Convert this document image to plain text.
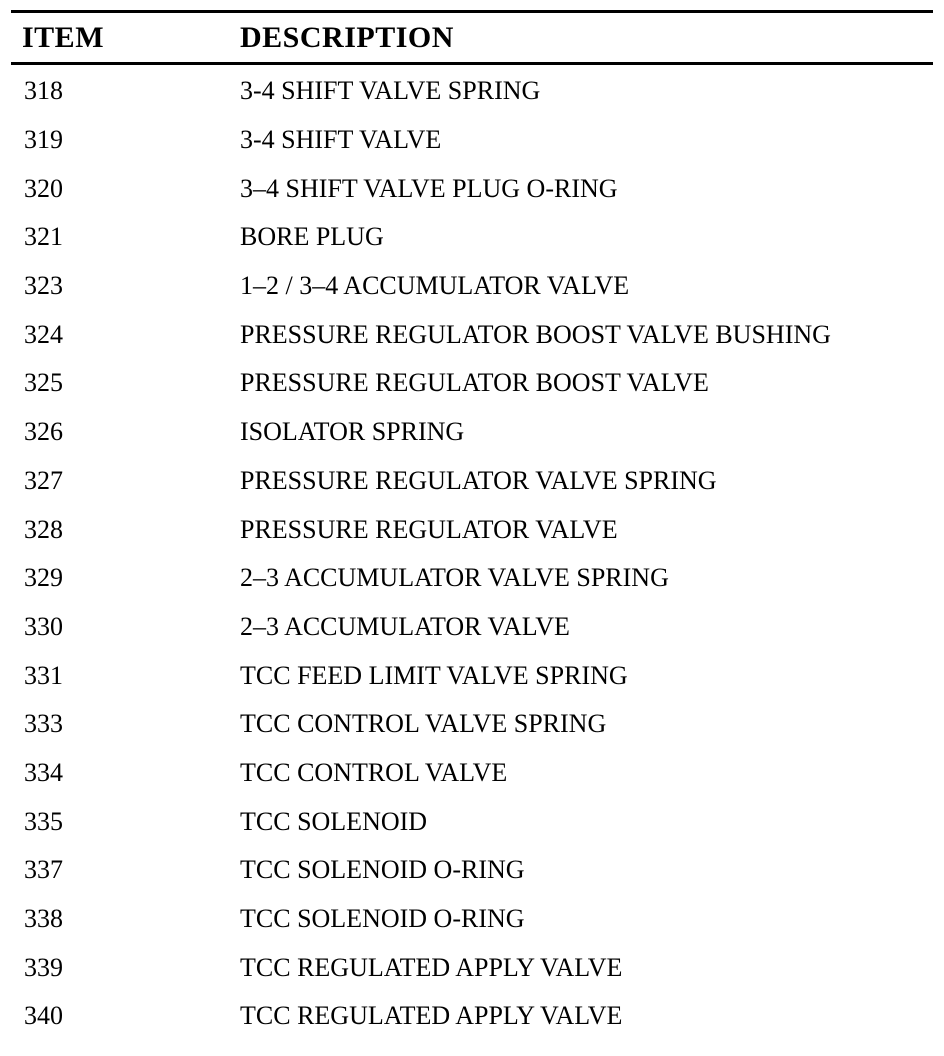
ITEM	DESCRIPTION
318	3-4 SHIFT VALVE SPRING
319	3-4 SHIFT VALVE
320	3–4 SHIFT VALVE PLUG O-RING
321	BORE PLUG
323	1–2 / 3–4 ACCUMULATOR VALVE
324	PRESSURE REGULATOR BOOST VALVE BUSHING
325	PRESSURE REGULATOR BOOST VALVE
326	ISOLATOR SPRING
327	PRESSURE REGULATOR VALVE SPRING
328	PRESSURE REGULATOR VALVE
329	2–3 ACCUMULATOR VALVE SPRING
330	2–3 ACCUMULATOR VALVE
331	TCC FEED LIMIT VALVE SPRING
333	TCC CONTROL VALVE SPRING
334	TCC CONTROL VALVE
335	TCC SOLENOID
337	TCC SOLENOID O-RING
338	TCC SOLENOID O-RING
339	TCC REGULATED APPLY VALVE
340	TCC REGULATED APPLY VALVE
